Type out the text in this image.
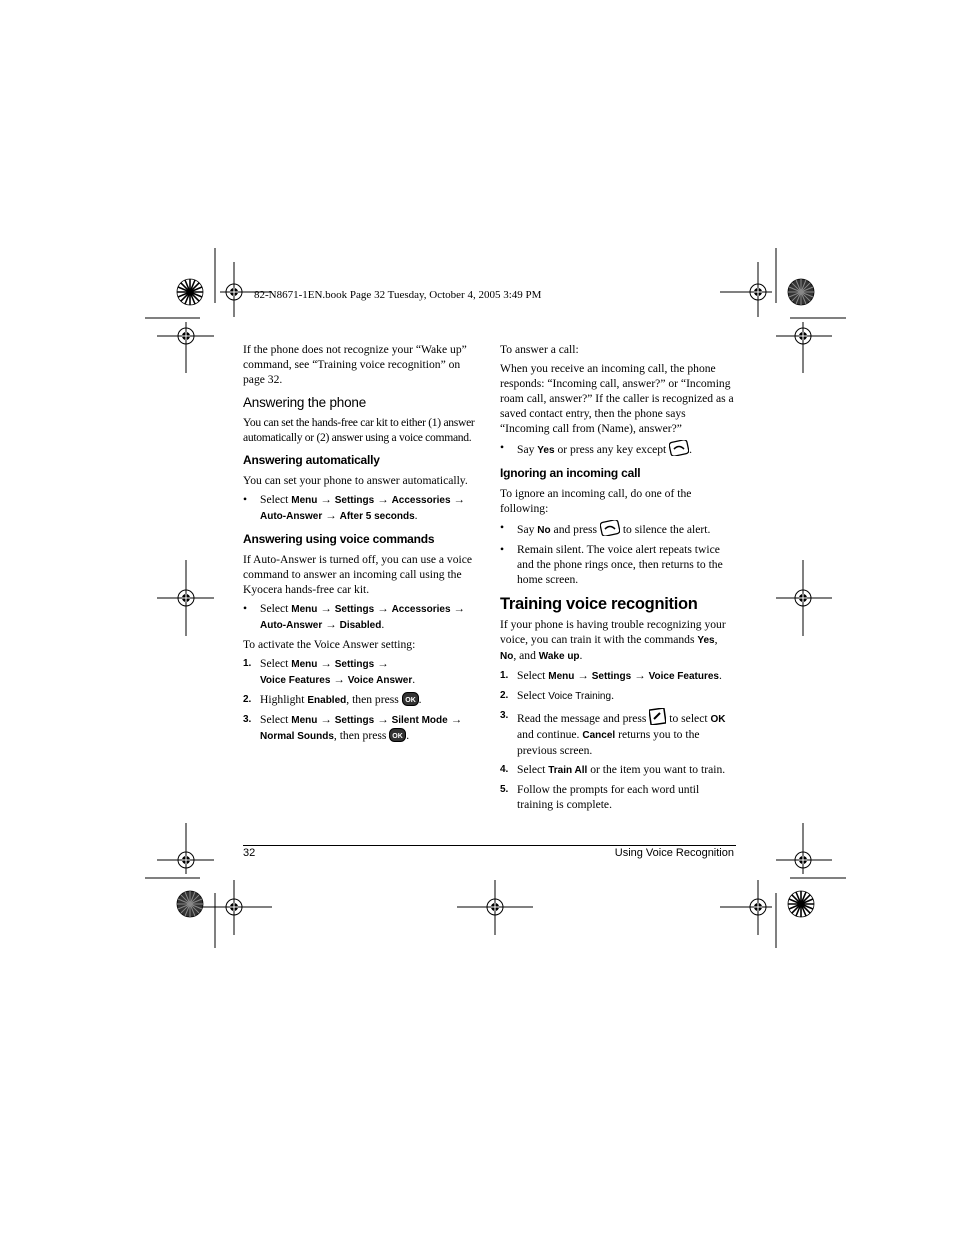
82-N8671-1EN.book Page 32 Tuesday, October 4, 2005 3:49 PM

If the phone does not recognize your “Wake up” command, see “Training voice recognition” on page 32.

Answering the phone

You can set the hands-free car kit to either (1) answer automatically or (2) answer using a voice command.

Answering automatically

You can set your phone to answer automatically.

• Select Menu → Settings → Accessories → Auto-Answer → After 5 seconds.
Answering using voice commands

If Auto-Answer is turned off, you can use a voice command to answer an incoming call using the Kyocera hands-free car kit.

• Select Menu → Settings → Accessories → Auto-Answer → Disabled.

To activate the Voice Answer setting:

1. Select Menu → Settings →
Voice Features → Voice Answer.
2. Highlight Enabled, then press OK .
3. Select Menu → Settings → Silent Mode → Normal Sounds, then press OK .

To answer a call:

When you receive an incoming call, the phone responds: “Incoming call, answer?” or “Incoming roam call, answer?” If the caller is recognized as a saved contact entry, then the phone says “Incoming call from (Name), answer?”

• Say Yes or press any key except .
Ignoring an incoming call

To ignore an incoming call, do one of the following:

• Say No and press to silence the alert.
• Remain silent. The voice alert repeats twice and the phone rings once, then returns to the home screen.
Training voice recognition

If your phone is having trouble recognizing your voice, you can train it with the commands Yes, No, and Wake up.

1. Select Menu → Settings → Voice Features.
2. Select Voice Training.
3. Read the message and press to select OK and continue. Cancel returns you to the previous screen.
4. Select Train All or the item you want to train.
5. Follow the prompts for each word until training is complete.
32	Using Voice Recognition
